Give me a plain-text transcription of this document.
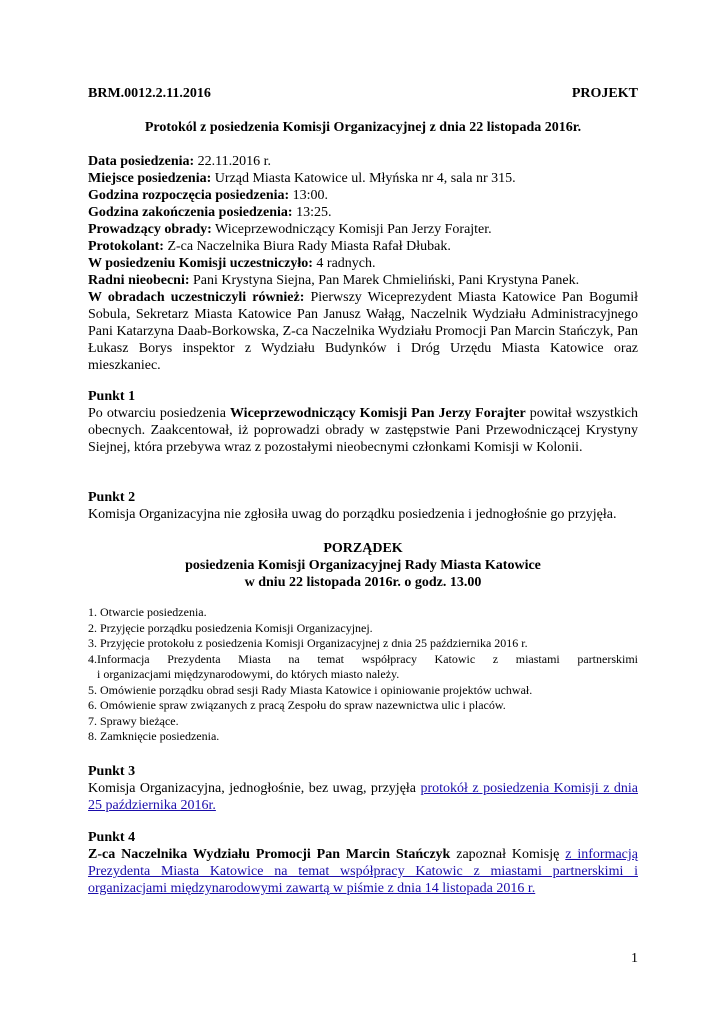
BRM.0012.2.11.2016	PROJEKT
Protokól z posiedzenia Komisji Organizacyjnej z dnia 22 listopada 2016r.

Data posiedzenia: 22.11.2016 r.

Miejsce posiedzenia: Urząd Miasta Katowice ul. Młyńska nr 4, sala nr 315.

Godzina rozpoczęcia posiedzenia: 13:00.

Godzina zakończenia posiedzenia: 13:25.

Prowadzący obrady: Wiceprzewodniczący Komisji Pan Jerzy Forajter.

Protokolant: Z-ca Naczelnika Biura Rady Miasta Rafał Dłubak.

W posiedzeniu Komisji uczestniczyło: 4 radnych.

Radni nieobecni: Pani Krystyna Siejna, Pan Marek Chmieliński, Pani Krystyna Panek.

W obradach uczestniczyli również: Pierwszy Wiceprezydent Miasta Katowice Pan Bogumił Sobula, Sekretarz Miasta Katowice Pan Janusz Wałąg, Naczelnik Wydziału Administracyjnego Pani Katarzyna Daab-Borkowska, Z-ca Naczelnika Wydziału Promocji Pan Marcin Stańczyk, Pan Łukasz Borys inspektor z Wydziału Budynków i Dróg Urzędu Miasta Katowice oraz mieszkaniec.

Punkt 1

Po otwarciu posiedzenia Wiceprzewodniczący Komisji Pan Jerzy Forajter powitał wszystkich obecnych. Zaakcentował, iż poprowadzi obrady w zastępstwie Pani Przewodniczącej Krystyny Siejnej, która przebywa wraz z pozostałymi nieobecnymi członkami Komisji w Kolonii.

Punkt 2

Komisja Organizacyjna nie zgłosiła uwag do porządku posiedzenia i jednogłośnie go przyjęła.

PORZĄDEK

posiedzenia Komisji Organizacyjnej Rady Miasta Katowice

w dniu 22 listopada 2016r. o godz. 13.00

1. Otwarcie posiedzenia.

2. Przyjęcie porządku posiedzenia Komisji Organizacyjnej.

3. Przyjęcie protokołu z posiedzenia Komisji Organizacyjnej z dnia 25 października 2016 r.

4.Informacja Prezydenta Miasta na temat współpracy Katowic z miastami partnerskimi

i organizacjami międzynarodowymi, do których miasto należy.

5. Omówienie porządku obrad sesji Rady Miasta Katowice i opiniowanie projektów uchwał.

6. Omówienie spraw związanych z pracą Zespołu do spraw nazewnictwa ulic i placów.

7. Sprawy bieżące.

8. Zamknięcie posiedzenia.

Punkt 3

Komisja Organizacyjna, jednogłośnie, bez uwag, przyjęła protokół z posiedzenia Komisji z dnia 25 października 2016r.

Punkt 4

Z-ca Naczelnika Wydziału Promocji Pan Marcin Stańczyk zapoznał Komisję z informacją Prezydenta Miasta Katowice na temat współpracy Katowic z miastami partnerskimi i organizacjami międzynarodowymi zawartą w piśmie z dnia 14 listopada 2016 r.

1
